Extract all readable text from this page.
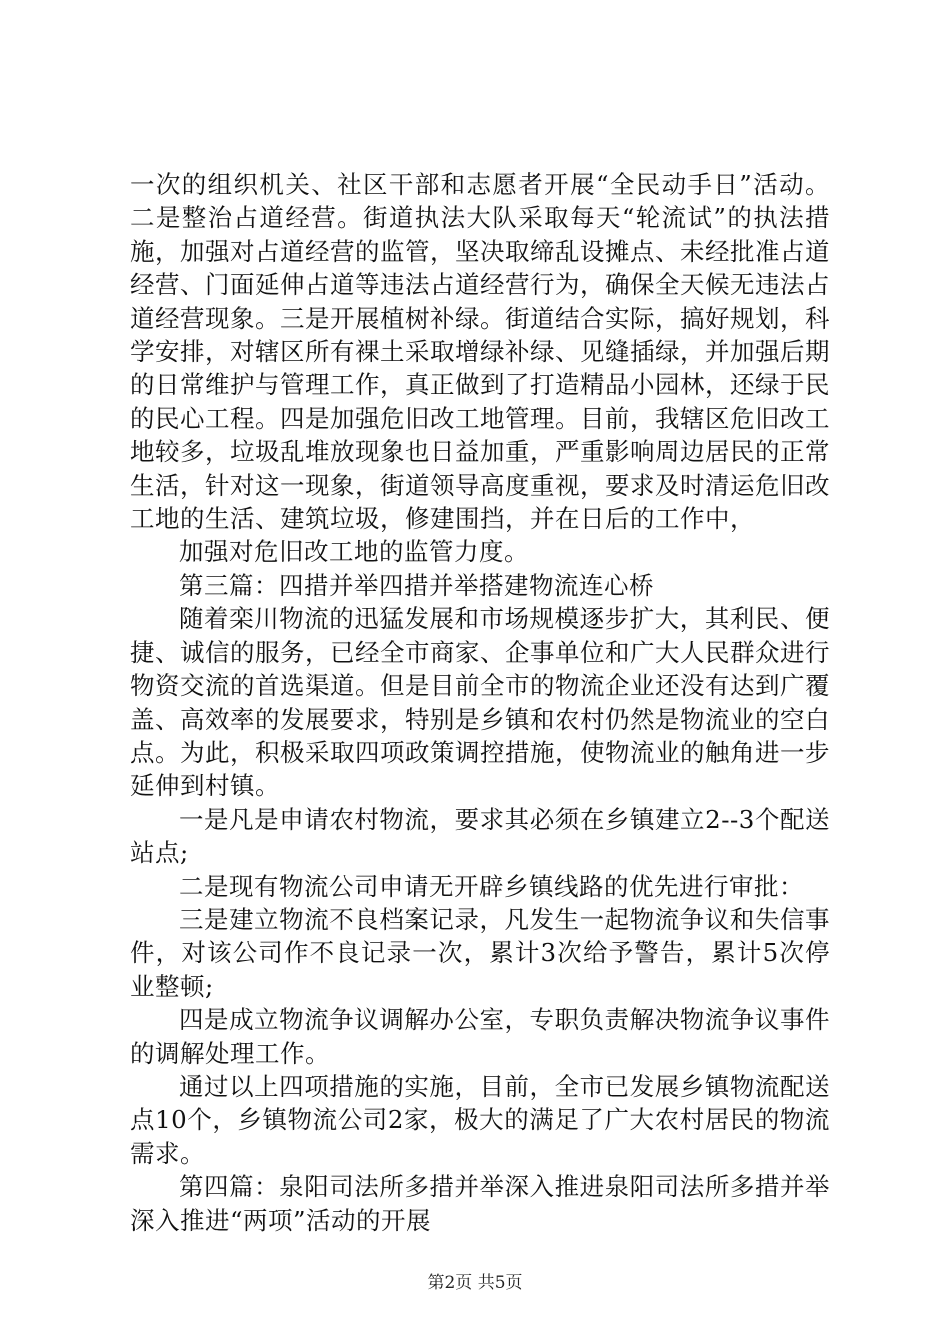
一次的组织机关、社区干部和志愿者开展“全民动手日”活动。二是整治占道经营。街道执法大队采取每天“轮流试”的执法措施，加强对占道经营的监管，坚决取缔乱设摊点、未经批准占道经营、门面延伸占道等违法占道经营行为，确保全天候无违法占道经营现象。三是开展植树补绿。街道结合实际，搞好规划，科学安排，对辖区所有裸土采取增绿补绿、见缝插绿，并加强后期的日常维护与管理工作，真正做到了打造精品小园林，还绿于民的民心工程。四是加强危旧改工地管理。目前，我辖区危旧改工地较多，垃圾乱堆放现象也日益加重，严重影响周边居民的正常生活，针对这一现象，街道领导高度重视，要求及时清运危旧改工地的生活、建筑垃圾，修建围挡，并在日后的工作中，

加强对危旧改工地的监管力度。

第三篇：四措并举四措并举搭建物流连心桥

随着栾川物流的迅猛发展和市场规模逐步扩大，其利民、便捷、诚信的服务，已经全市商家、企事单位和广大人民群众进行物资交流的首选渠道。但是目前全市的物流企业还没有达到广覆盖、高效率的发展要求，特别是乡镇和农村仍然是物流业的空白点。为此，积极采取四项政策调控措施，使物流业的触角进一步延伸到村镇。

一是凡是申请农村物流，要求其必须在乡镇建立2--3个配送站点;

二是现有物流公司申请无开辟乡镇线路的优先进行审批：

三是建立物流不良档案记录，凡发生一起物流争议和失信事件，对该公司作不良记录一次，累计3次给予警告，累计5次停业整顿;

四是成立物流争议调解办公室，专职负责解决物流争议事件的调解处理工作。

通过以上四项措施的实施，目前，全市已发展乡镇物流配送点10个，乡镇物流公司2家，极大的满足了广大农村居民的物流需求。

第四篇：泉阳司法所多措并举深入推进泉阳司法所多措并举深入推进“两项”活动的开展

第2页 共5页
